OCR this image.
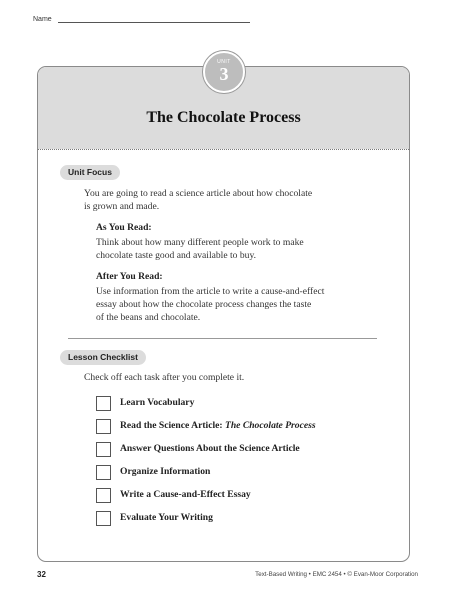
Name
The Chocolate Process
Unit Focus
You are going to read a science article about how chocolate
is grown and made.
As You Read:
Think about how many different people work to make
chocolate taste good and available to buy.
After You Read:
Use information from the article to write a cause-and-effect
essay about how the chocolate process changes the taste
of the beans and chocolate.
Lesson Checklist
Check off each task after you complete it.
Learn Vocabulary
Read the Science Article: The Chocolate Process
Answer Questions About the Science Article
Organize Information
Write a Cause-and-Effect Essay
Evaluate Your Writing
UNIT
3
32	Text-Based Writing • EMC 2454 • © Evan-Moor Corporation
